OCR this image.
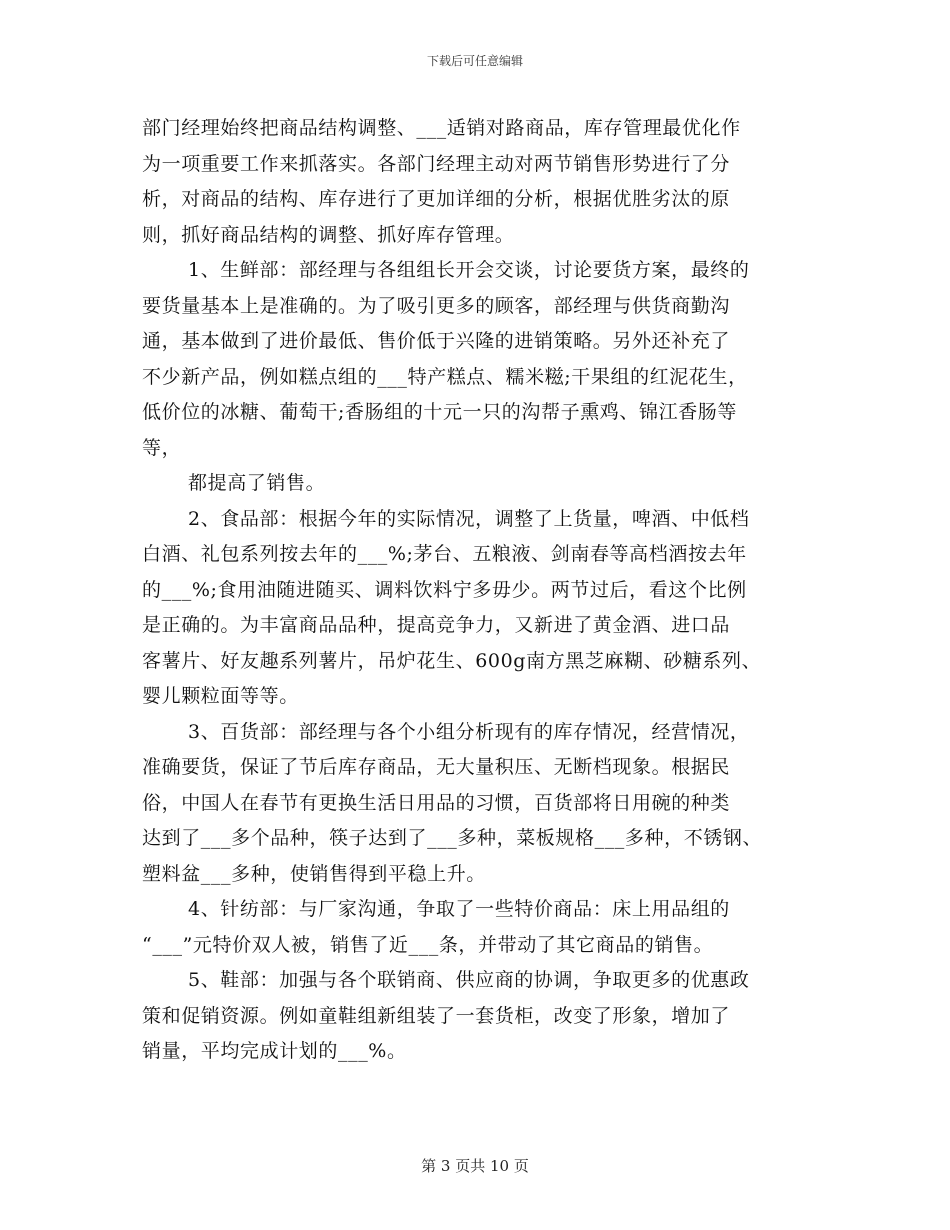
下载后可任意编辑
部门经理始终把商品结构调整、___适销对路商品，库存管理最优化作
为一项重要工作来抓落实。各部门经理主动对两节销售形势进行了分
析，对商品的结构、库存进行了更加详细的分析，根据优胜劣汰的原
则，抓好商品结构的调整、抓好库存管理。
1、生鲜部：部经理与各组组长开会交谈，讨论要货方案，最终的
要货量基本上是准确的。为了吸引更多的顾客，部经理与供货商勤沟
通，基本做到了进价最低、售价低于兴隆的进销策略。另外还补充了
不少新产品，例如糕点组的___特产糕点、糯米糍;干果组的红泥花生，
低价位的冰糖、葡萄干;香肠组的十元一只的沟帮子熏鸡、锦江香肠等
等，
都提高了销售。
2、食品部：根据今年的实际情况，调整了上货量，啤酒、中低档
白酒、礼包系列按去年的___%;茅台、五粮液、剑南春等高档酒按去年
的___%;食用油随进随买、调料饮料宁多毋少。两节过后，看这个比例
是正确的。为丰富商品品种，提高竞争力，又新进了黄金酒、进口品
客薯片、好友趣系列薯片，吊炉花生、600g南方黑芝麻糊、砂糖系列、
婴儿颗粒面等等。
3、百货部：部经理与各个小组分析现有的库存情况，经营情况，
准确要货，保证了节后库存商品，无大量积压、无断档现象。根据民
俗，中国人在春节有更换生活日用品的习惯，百货部将日用碗的种类
达到了___多个品种，筷子达到了___多种，菜板规格___多种，不锈钢、
塑料盆___多种，使销售得到平稳上升。
4、针纺部：与厂家沟通，争取了一些特价商品：床上用品组的
“___”元特价双人被，销售了近___条，并带动了其它商品的销售。
5、鞋部：加强与各个联销商、供应商的协调，争取更多的优惠政
策和促销资源。例如童鞋组新组装了一套货柜，改变了形象，增加了
销量，平均完成计划的___%。
第 3 页共 10 页
